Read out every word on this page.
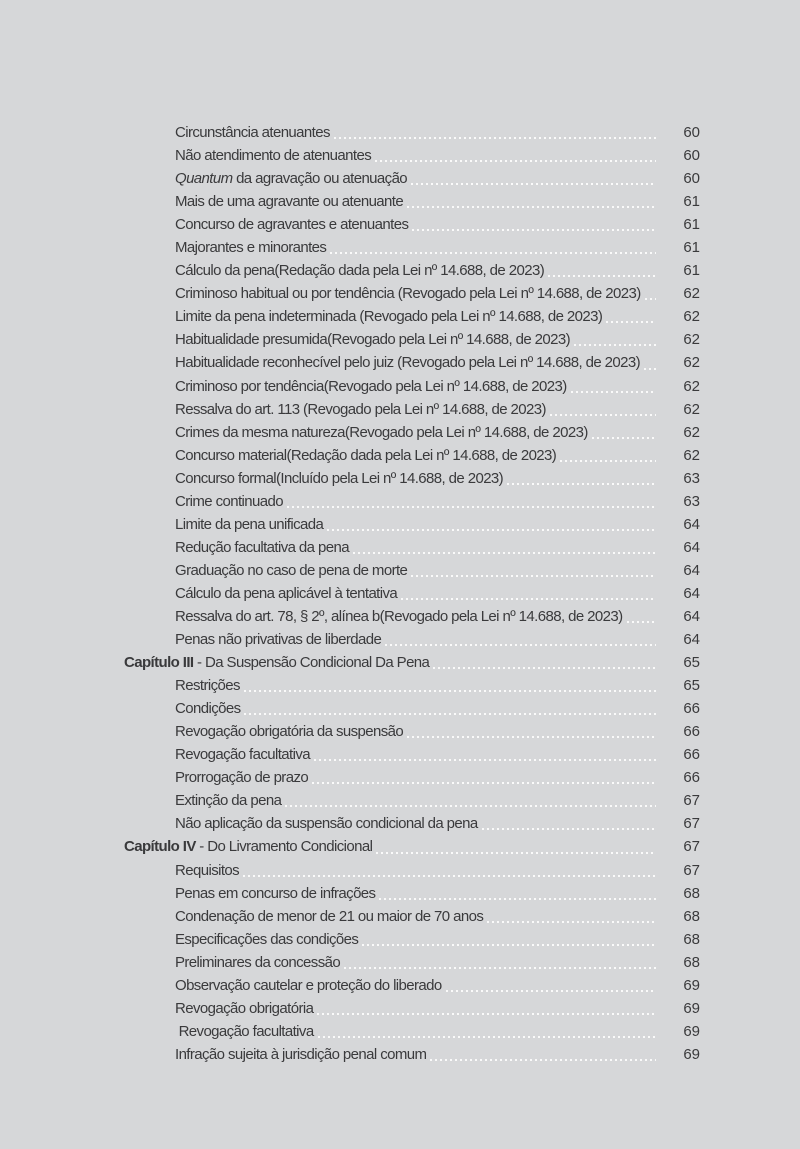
Circunstância atenuantes	60
Não atendimento de atenuantes	60
Quantum da agravação ou atenuação	60
Mais de uma agravante ou atenuante	61
Concurso de agravantes e atenuantes	61
Majorantes e minorantes	61
Cálculo da pena(Redação dada pela Lei nº 14.688, de 2023)	61
Criminoso habitual ou por tendência (Revogado pela Lei nº 14.688, de 2023)	62
Limite da pena indeterminada (Revogado pela Lei nº 14.688, de 2023)	62
Habitualidade presumida(Revogado pela Lei nº 14.688, de 2023)	62
Habitualidade reconhecível pelo juiz (Revogado pela Lei nº 14.688, de 2023)	62
Criminoso por tendência(Revogado pela Lei nº 14.688, de 2023)	62
Ressalva do art. 113 (Revogado pela Lei nº 14.688, de 2023)	62
Crimes da mesma natureza(Revogado pela Lei nº 14.688, de 2023)	62
Concurso material(Redação dada pela Lei nº 14.688, de 2023)	62
Concurso formal(Incluído pela Lei nº 14.688, de 2023)	63
Crime continuado	63
Limite da pena unificada	64
Redução facultativa da pena	64
Graduação no caso de pena de morte	64
Cálculo da pena aplicável à tentativa	64
Ressalva do art. 78, § 2º, alínea b(Revogado pela Lei nº 14.688, de 2023)	64
Penas não privativas de liberdade	64
Capítulo III - Da Suspensão Condicional Da Pena	65
Restrições	65
Condições	66
Revogação obrigatória da suspensão	66
Revogação facultativa	66
Prorrogação de prazo	66
Extinção da pena	67
Não aplicação da suspensão condicional da pena	67
Capítulo IV - Do Livramento Condicional	67
Requisitos	67
Penas em concurso de infrações	68
Condenação de menor de 21 ou maior de 70 anos	68
Especificações das condições	68
Preliminares da concessão	68
Observação cautelar e proteção do liberado	69
Revogação obrigatória	69
Revogação facultativa	69
Infração sujeita à jurisdição penal comum	69
